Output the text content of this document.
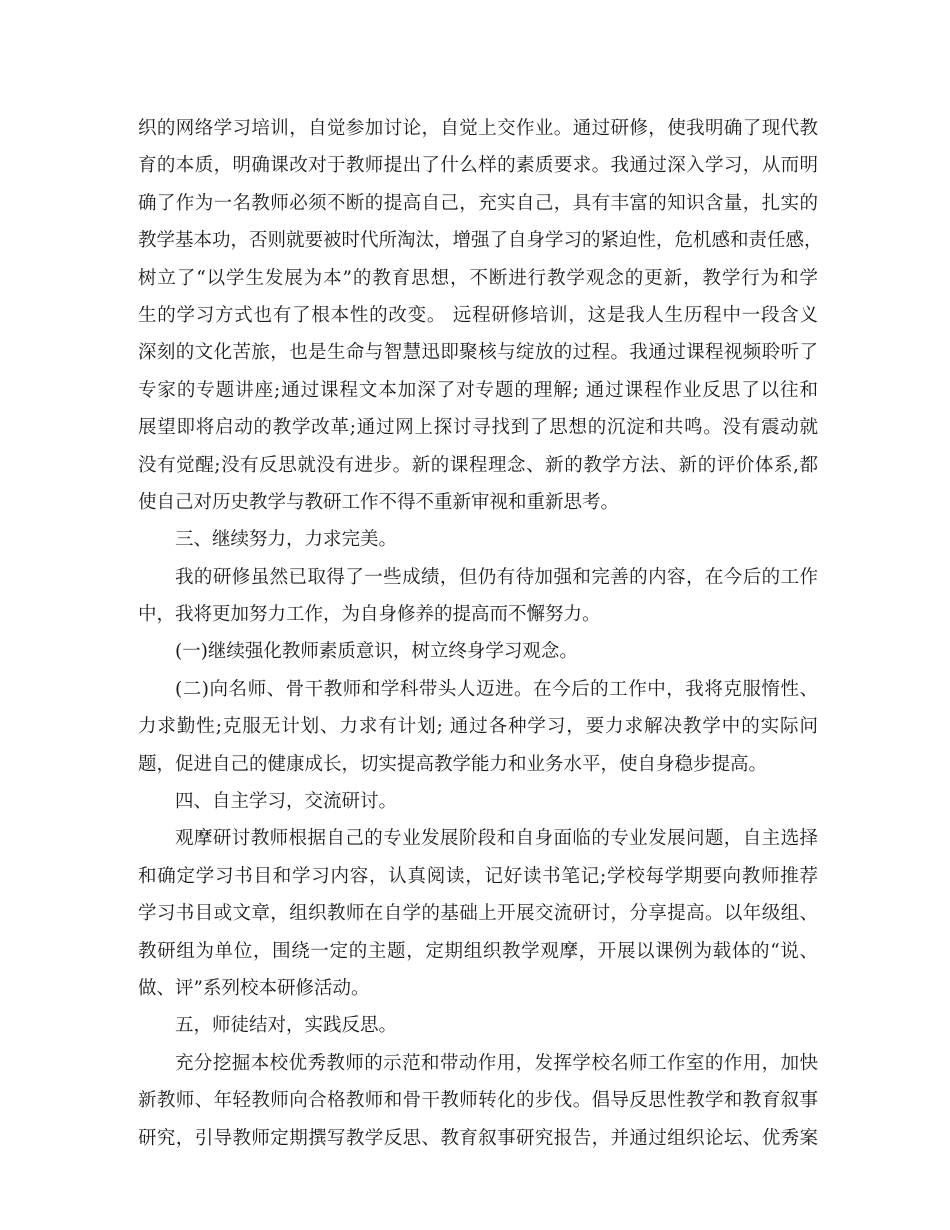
织的网络学习培训，自觉参加讨论，自觉上交作业。通过研修，使我明确了现代教
育的本质，明确课改对于教师提出了什么样的素质要求。我通过深入学习，从而明
确了作为一名教师必须不断的提高自己，充实自己，具有丰富的知识含量，扎实的
教学基本功，否则就要被时代所淘汰，增强了自身学习的紧迫性，危机感和责任感，
树立了“以学生发展为本”的教育思想，不断进行教学观念的更新，教学行为和学
生的学习方式也有了根本性的改变。 远程研修培训，这是我人生历程中一段含义
深刻的文化苦旅，也是生命与智慧迅即聚核与绽放的过程。我通过课程视频聆听了
专家的专题讲座;通过课程文本加深了对专题的理解; 通过课程作业反思了以往和
展望即将启动的教学改革;通过网上探讨寻找到了思想的沉淀和共鸣。没有震动就
没有觉醒;没有反思就没有进步。新的课程理念、新的教学方法、新的评价体系,都
使自己对历史教学与教研工作不得不重新审视和重新思考。
三、继续努力，力求完美。
我的研修虽然已取得了一些成绩，但仍有待加强和完善的内容，在今后的工作
中，我将更加努力工作，为自身修养的提高而不懈努力。
(一)继续强化教师素质意识，树立终身学习观念。
(二)向名师、骨干教师和学科带头人迈进。在今后的工作中，我将克服惰性、
力求勤性;克服无计划、力求有计划; 通过各种学习，要力求解决教学中的实际问
题，促进自己的健康成长，切实提高教学能力和业务水平，使自身稳步提高。
四、自主学习，交流研讨。
观摩研讨教师根据自己的专业发展阶段和自身面临的专业发展问题，自主选择
和确定学习书目和学习内容，认真阅读，记好读书笔记;学校每学期要向教师推荐
学习书目或文章，组织教师在自学的基础上开展交流研讨，分享提高。以年级组、
教研组为单位，围绕一定的主题，定期组织教学观摩，开展以课例为载体的“说、
做、评”系列校本研修活动。
五，师徒结对，实践反思。
充分挖掘本校优秀教师的示范和带动作用，发挥学校名师工作室的作用，加快
新教师、年轻教师向合格教师和骨干教师转化的步伐。倡导反思性教学和教育叙事
研究，引导教师定期撰写教学反思、教育叙事研究报告，并通过组织论坛、优秀案
